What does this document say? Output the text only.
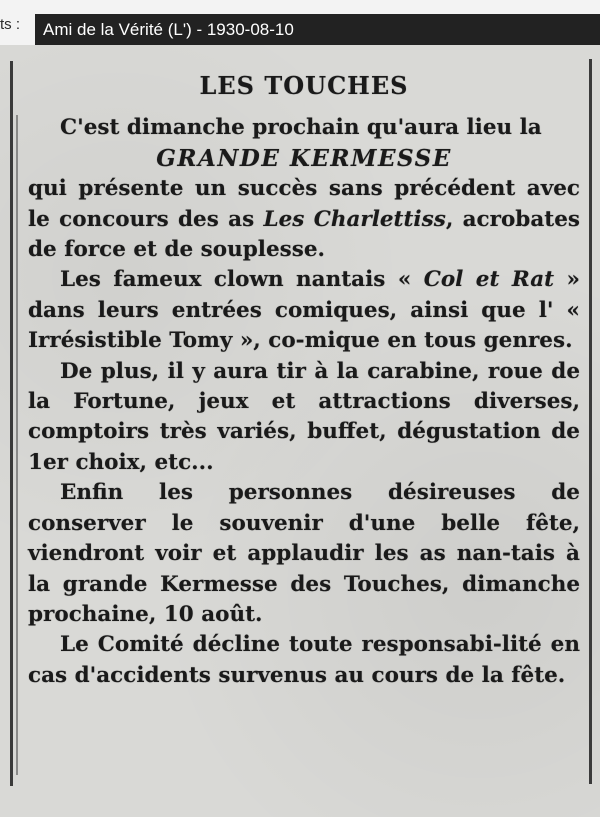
ts :	Ami de la Vérité (L') - 1930-08-10
LES TOUCHES

C'est dimanche prochain qu'aura lieu la

GRANDE KERMESSE

qui présente un succès sans précédent avec le concours des as Les Charlettiss, acrobates de force et de souplesse.

Les fameux clown nantais « Col et Rat » dans leurs entrées comiques, ainsi que l' « Irrésistible Tomy », co-mique en tous genres.

De plus, il y aura tir à la carabine, roue de la Fortune, jeux et attractions diverses, comptoirs très variés, buffet, dégustation de 1er choix, etc...

Enfin les personnes désireuses de conserver le souvenir d'une belle fête, viendront voir et applaudir les as nan-tais à la grande Kermesse des Touches, dimanche prochaine, 10 août.

Le Comité décline toute responsabi-lité en cas d'accidents survenus au cours de la fête.
